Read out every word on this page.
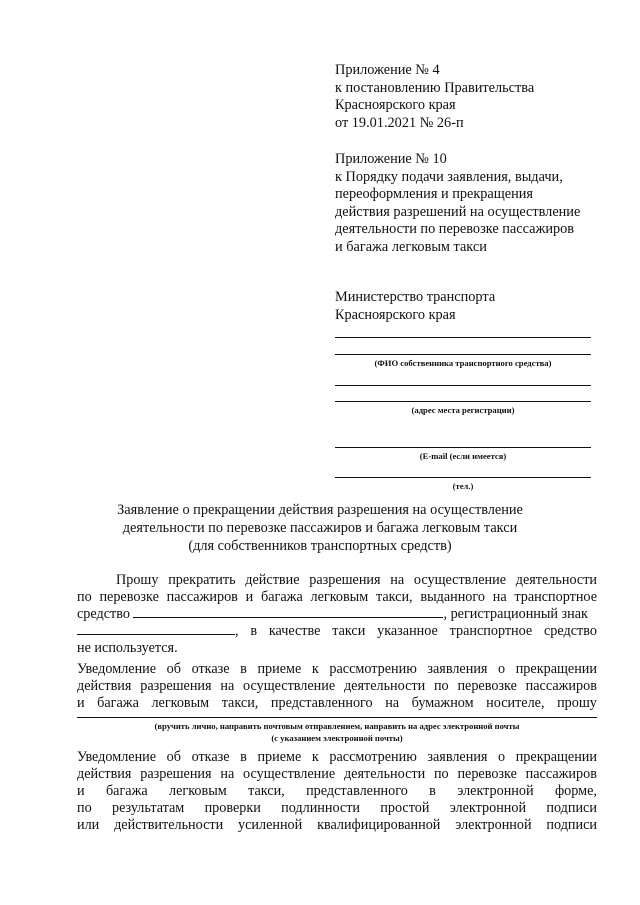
Приложение № 4
к постановлению Правительства
Красноярского края
от 19.01.2021 № 26-п
Приложение № 10
к Порядку подачи заявления, выдачи,
переоформления и прекращения
действия разрешений на осуществление
деятельности по перевозке пассажиров
и багажа легковым такси
Министерство транспорта
Красноярского края
(ФИО собственника транспортного средства)
(адрес места регистрации)
(E-mail (если имеется)
(тел.)
Заявление о прекращении действия разрешения на осуществление
деятельности по перевозке пассажиров и багажа легковым такси
(для собственников транспортных средств)
Прошу прекратить действие разрешения на осуществление деятельности
по перевозке пассажиров и багажа легковым такси, выданного на транспортное
средство	, регистрационный знак
, в качестве такси указанное транспортное средство
не используется.
Уведомление об отказе в приеме к рассмотрению заявления о прекращении
действия разрешения на осуществление деятельности по перевозке пассажиров
и багажа легковым такси, представленного на бумажном носителе, прошу
(вручить лично, направить почтовым отправлением, направить на адрес электронной почты
(с указанием электронной почты)
Уведомление об отказе в приеме к рассмотрению заявления о прекращении
действия разрешения на осуществление деятельности по перевозке пассажиров
и багажа легковым такси, представленного в электронной форме,
по результатам проверки подлинности простой электронной подписи
или действительности усиленной квалифицированной электронной подписи
